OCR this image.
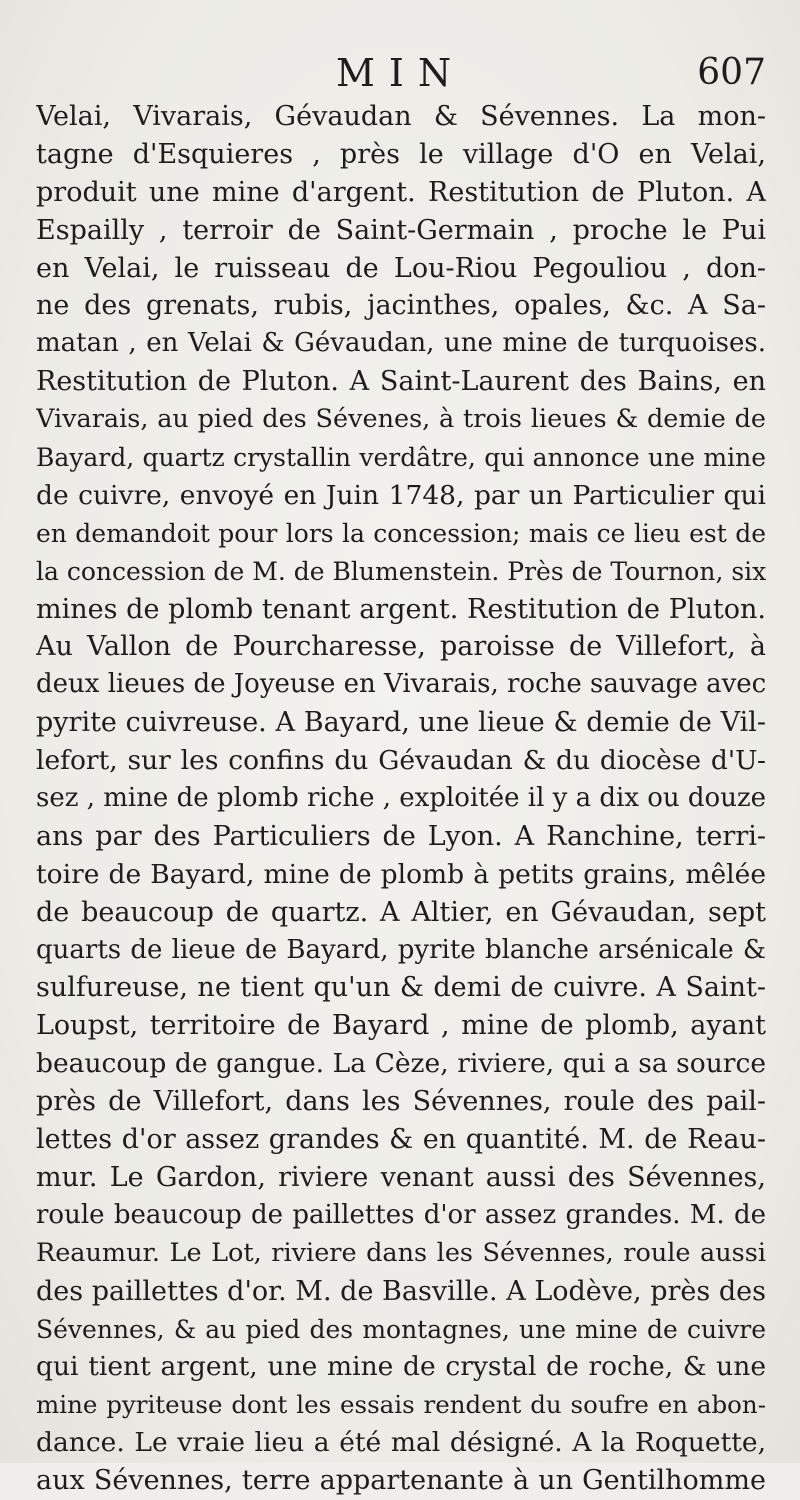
MIN	607
Velai, Vivarais, Gévaudan & Sévennes. La mon-
tagne d'Esquieres , près le village d'O en Velai,
produit une mine d'argent. Restitution de Pluton. A
Espailly , terroir de Saint-Germain , proche le Pui
en Velai, le ruisseau de Lou-Riou Pegouliou , don-
ne des grenats, rubis, jacinthes, opales, &c. A Sa-
matan , en Velai & Gévaudan, une mine de turquoises.
Restitution de Pluton. A Saint-Laurent des Bains, en
Vivarais, au pied des Sévenes, à trois lieues & demie de
Bayard, quartz crystallin verdâtre, qui annonce une mine
de cuivre, envoyé en Juin 1748, par un Particulier qui
en demandoit pour lors la concession; mais ce lieu est de
la concession de M. de Blumenstein. Près de Tournon, six
mines de plomb tenant argent. Restitution de Pluton.
Au Vallon de Pourcharesse, paroisse de Villefort, à
deux lieues de Joyeuse en Vivarais, roche sauvage avec
pyrite cuivreuse. A Bayard, une lieue & demie de Vil-
lefort, sur les confins du Gévaudan & du diocèse d'U-
sez , mine de plomb riche , exploitée il y a dix ou douze
ans par des Particuliers de Lyon. A Ranchine, terri-
toire de Bayard, mine de plomb à petits grains, mêlée
de beaucoup de quartz. A Altier, en Gévaudan, sept
quarts de lieue de Bayard, pyrite blanche arsénicale &
sulfureuse, ne tient qu'un & demi de cuivre. A Saint-
Loupst, territoire de Bayard , mine de plomb, ayant
beaucoup de gangue. La Cèze, riviere, qui a sa source
près de Villefort, dans les Sévennes, roule des pail-
lettes d'or assez grandes & en quantité. M. de Reau-
mur. Le Gardon, riviere venant aussi des Sévennes,
roule beaucoup de paillettes d'or assez grandes. M. de
Reaumur. Le Lot, riviere dans les Sévennes, roule aussi
des paillettes d'or. M. de Basville. A Lodève, près des
Sévennes, & au pied des montagnes, une mine de cuivre
qui tient argent, une mine de crystal de roche, & une
mine pyriteuse dont les essais rendent du soufre en abon-
dance. Le vraie lieu a été mal désigné. A la Roquette,
aux Sévennes, terre appartenante à un Gentilhomme
